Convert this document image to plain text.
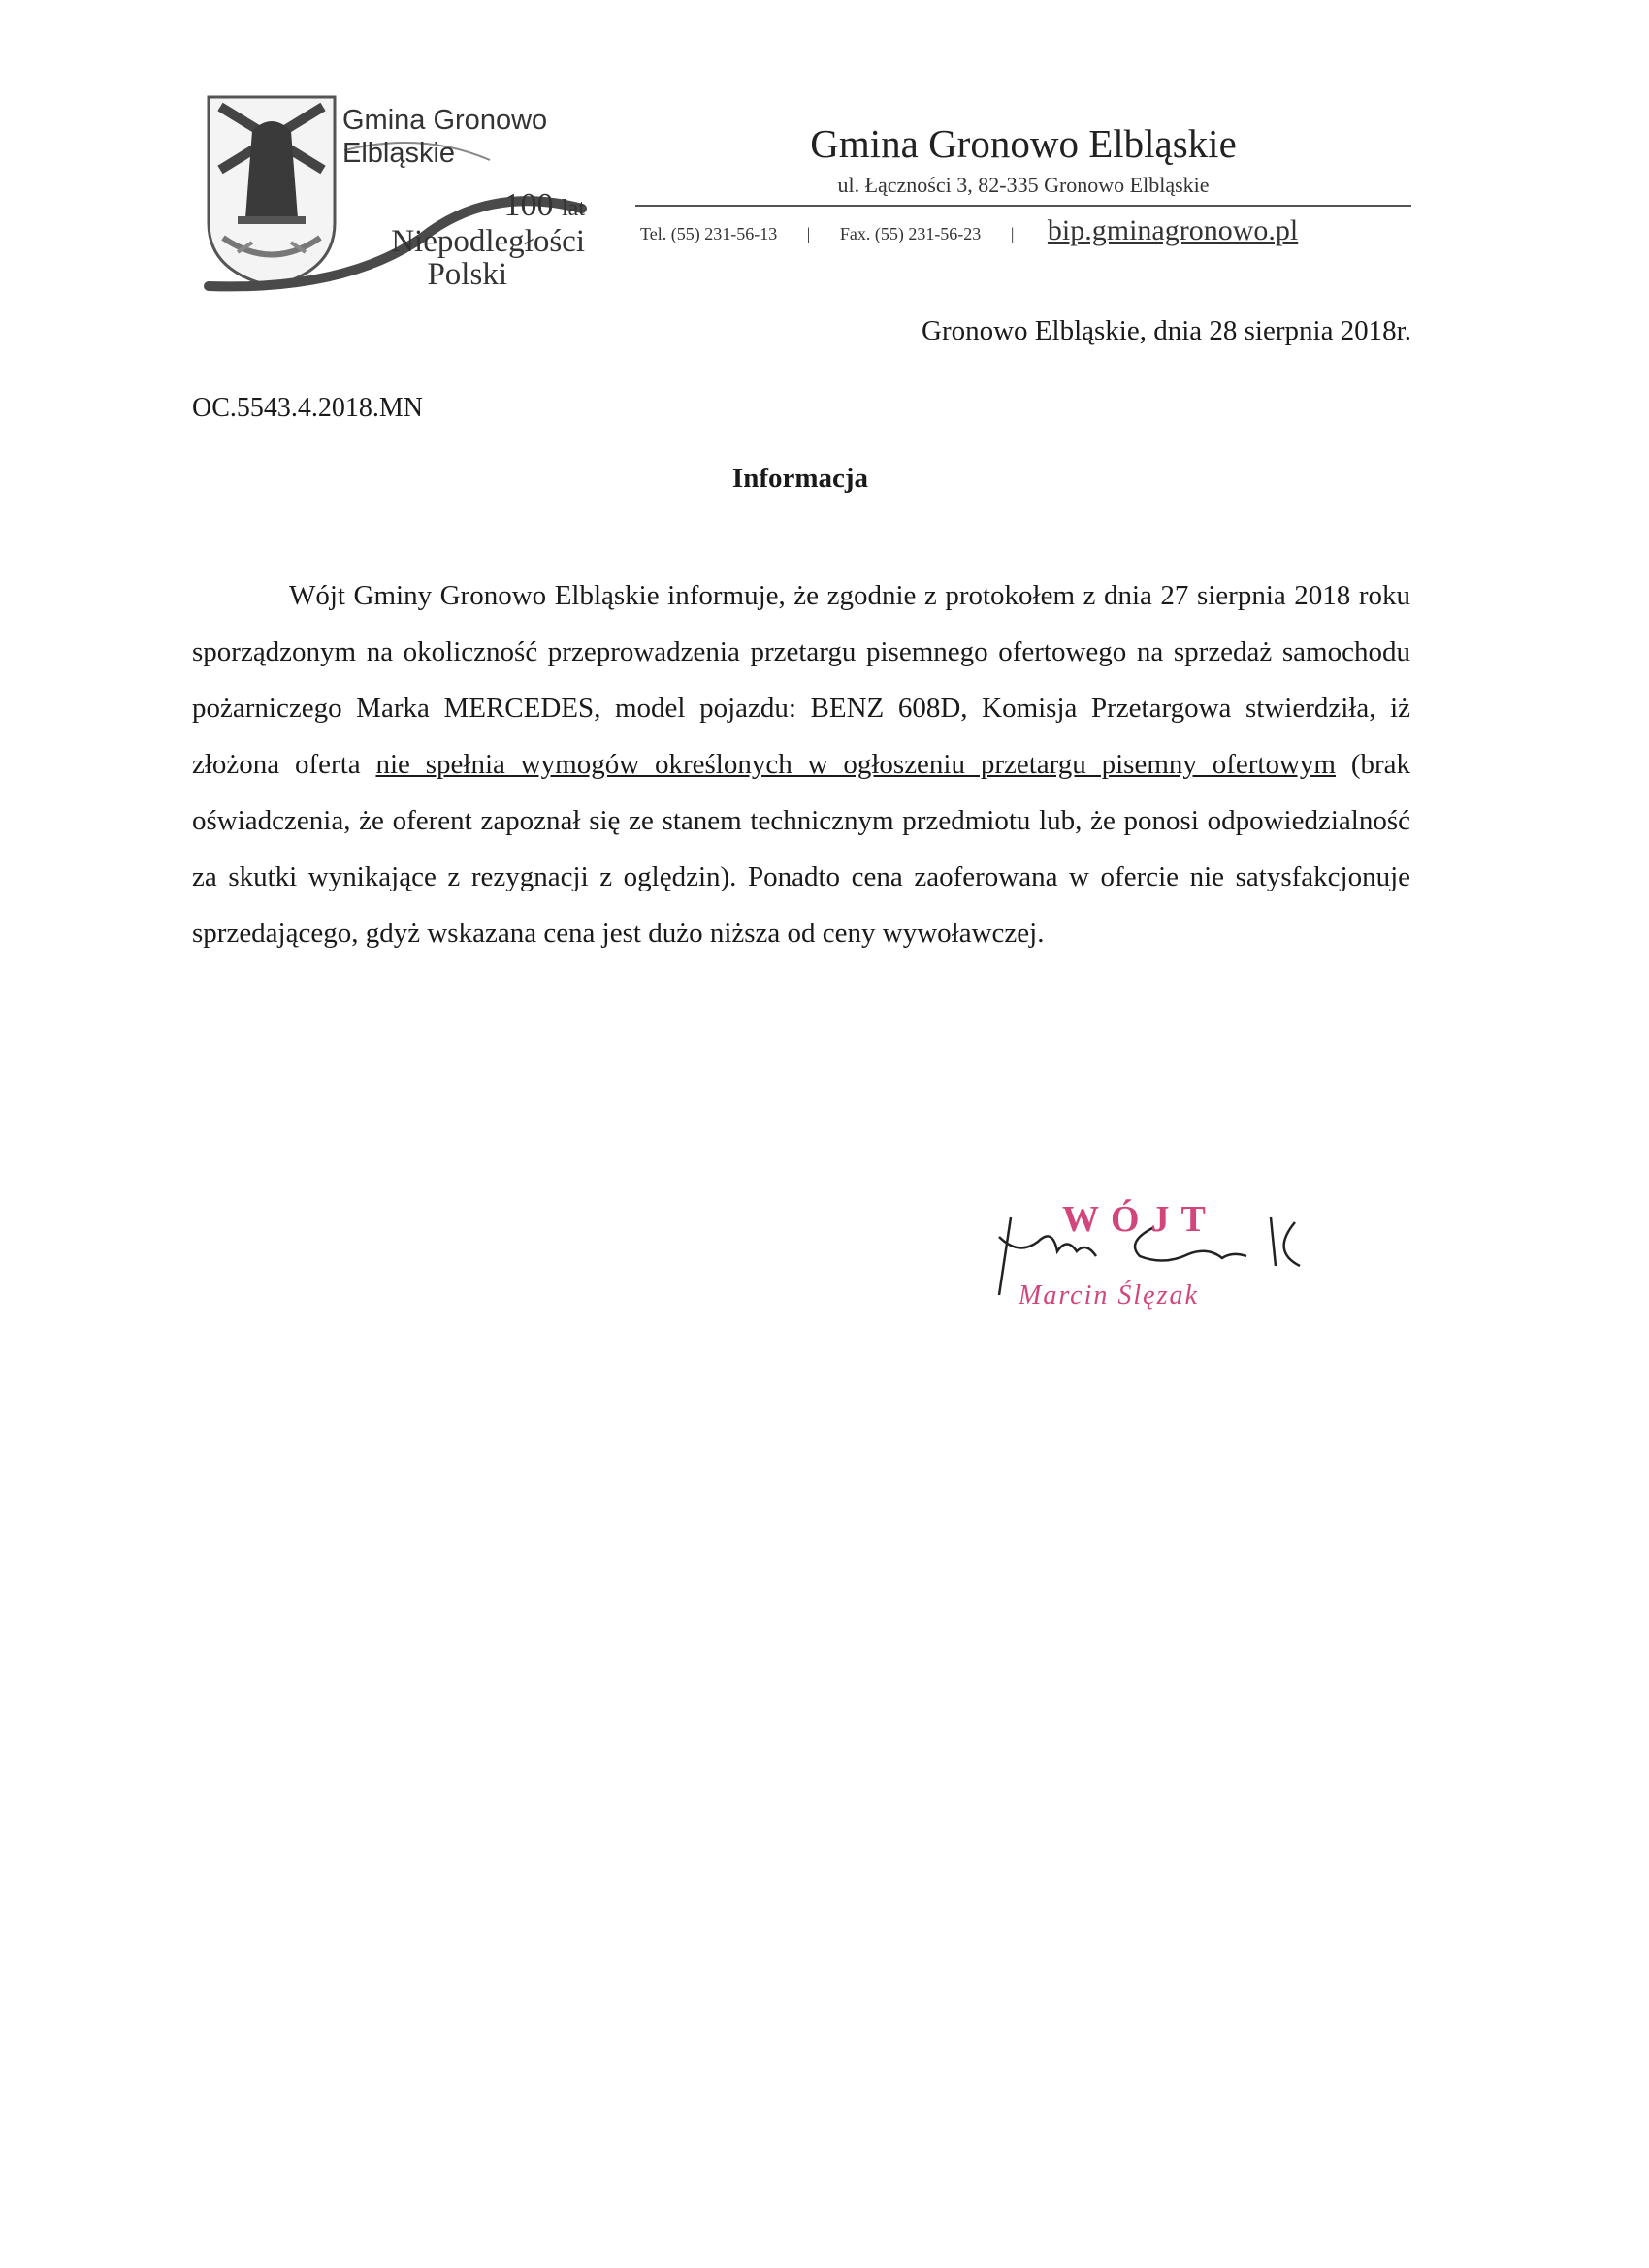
Gmina Gronowo
Elbląskie
100 lat
Niepodległości
Polski
Gmina Gronowo Elbląskie
ul. Łączności 3, 82-335 Gronowo Elbląskie
Tel. (55) 231-56-13 | Fax. (55) 231-56-23 | bip.gminagronowo.pl
Gronowo Elbląskie, dnia 28 sierpnia 2018r.
OC.5543.4.2018.MN
Informacja

Wójt Gminy Gronowo Elbląskie informuje, że zgodnie z protokołem z dnia 27 sierpnia 2018 roku sporządzonym na okoliczność przeprowadzenia przetargu pisemnego ofertowego na sprzedaż samochodu pożarniczego Marka MERCEDES, model pojazdu: BENZ 608D, Komisja Przetargowa stwierdziła, iż złożona oferta nie spełnia wymogów określonych w ogłoszeniu przetargu pisemny ofertowym (brak oświadczenia, że oferent zapoznał się ze stanem technicznym przedmiotu lub, że ponosi odpowiedzialność za skutki wynikające z rezygnacji z oględzin). Ponadto cena zaoferowana w ofercie nie satysfakcjonuje sprzedającego, gdyż wskazana cena jest dużo niższa od ceny wywoławczej.

WÓJT
Marcin Ślęzak
